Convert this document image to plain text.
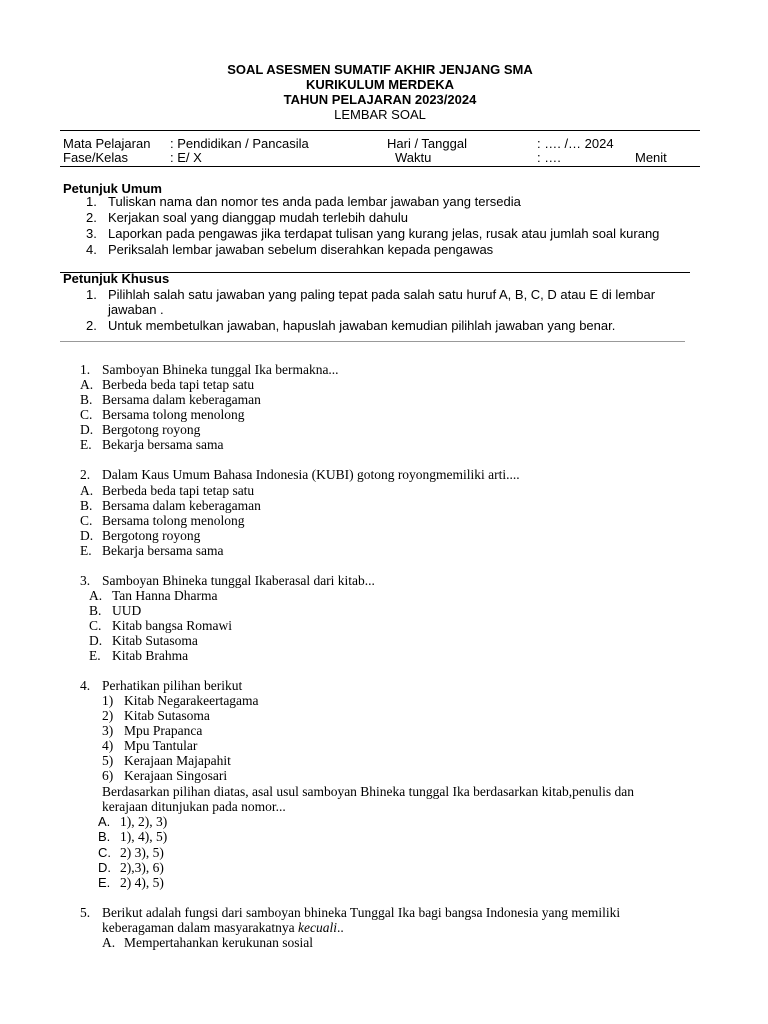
SOAL ASESMEN SUMATIF AKHIR JENJANG SMA
KURIKULUM MERDEKA
TAHUN PELAJARAN 2023/2024
LEMBAR SOAL
Mata Pelajaran : Pendidikan / Pancasila	Hari / Tanggal	: …. /… 2024
Fase/Kelas	: E/ X	Waktu	: ….	Menit
Petunjuk Umum
1. Tuliskan nama dan nomor tes anda pada lembar jawaban yang tersedia
2. Kerjakan soal yang dianggap mudah terlebih dahulu
3. Laporkan pada pengawas jika terdapat tulisan yang kurang jelas, rusak atau jumlah soal kurang
4. Periksalah lembar jawaban sebelum diserahkan kepada pengawas
Petunjuk Khusus
1. Pilihlah salah satu jawaban yang paling tepat pada salah satu huruf A, B, C, D atau E di lembar
jawaban .
2. Untuk membetulkan jawaban, hapuslah jawaban kemudian pilihlah jawaban yang benar.
1. Samboyan Bhineka tunggal Ika bermakna...
A. Berbeda beda tapi tetap satu
B. Bersama dalam keberagaman
C. Bersama tolong menolong
D. Bergotong royong
E. Bekarja bersama sama
2. Dalam Kaus Umum Bahasa Indonesia (KUBI) gotong royongmemiliki arti....
A. Berbeda beda tapi tetap satu
B. Bersama dalam keberagaman
C. Bersama tolong menolong
D. Bergotong royong
E. Bekarja bersama sama
3. Samboyan Bhineka tunggal Ikaberasal dari kitab...
A. Tan Hanna Dharma
B. UUD
C. Kitab bangsa Romawi
D. Kitab Sutasoma
E. Kitab Brahma
4. Perhatikan pilihan berikut
1) Kitab Negarakeertagama
2) Kitab Sutasoma
3) Mpu Prapanca
4) Mpu Tantular
5) Kerajaan Majapahit
6) Kerajaan Singosari
Berdasarkan pilihan diatas, asal usul samboyan Bhineka tunggal Ika berdasarkan kitab,penulis dan
kerajaan ditunjukan pada nomor...
A. 1), 2), 3)
B. 1), 4), 5)
C. 2) 3), 5)
D. 2),3), 6)
E. 2) 4), 5)
5. Berikut adalah fungsi dari samboyan bhineka Tunggal Ika bagi bangsa Indonesia yang memiliki
keberagaman dalam masyarakatnya kecuali..
A. Mempertahankan kerukunan sosial
